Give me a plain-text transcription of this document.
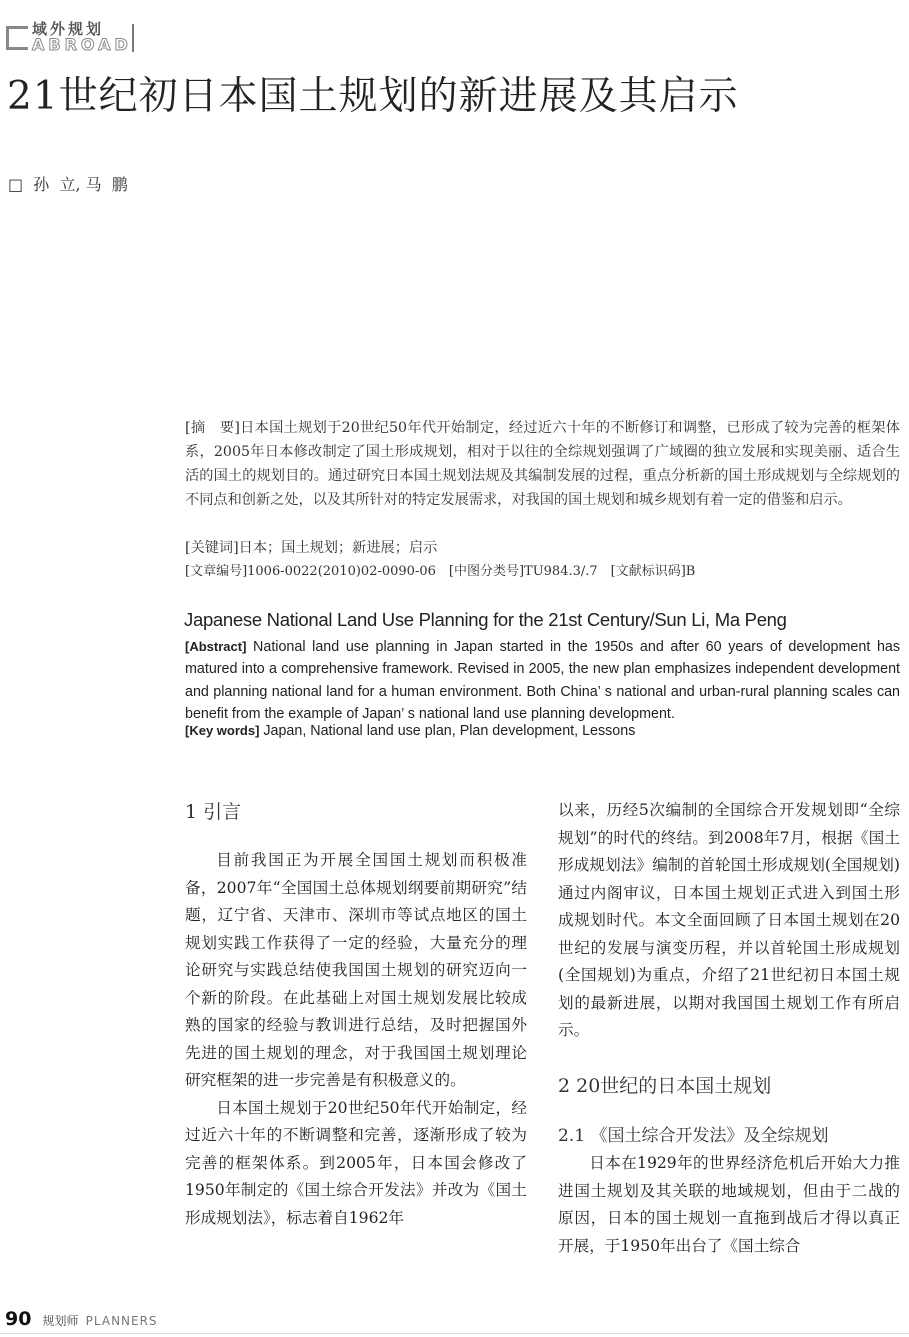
域外规划
ABROAD
21世纪初日本国土规划的新进展及其启示
□  孙  立, 马  鹏
[摘　要]日本国土规划于20世纪50年代开始制定，经过近六十年的不断修订和调整，已形成了较为完善的框架体系，2005年日本修改制定了国土形成规划，相对于以往的全综规划强调了广域圈的独立发展和实现美丽、适合生活的国土的规划目的。通过研究日本国土规划法规及其编制发展的过程，重点分析新的国土形成规划与全综规划的不同点和创新之处，以及其所针对的特定发展需求，对我国的国土规划和城乡规划有着一定的借鉴和启示。
[关键词]日本；国土规划；新进展；启示
[文章编号]1006-0022(2010)02-0090-06　[中图分类号]TU984.3/.7　[文献标识码]B
Japanese National Land Use Planning for the 21st Century/Sun Li, Ma Peng
[Abstract] National land use planning in Japan started in the 1950s and after 60 years of development has matured into a comprehensive framework. Revised in 2005, the new plan emphasizes independent development and planning national land for a human environment. Both China’ s national and urban-rural planning scales can benefit from the example of Japan’ s national land use planning development.
[Key words] Japan, National land use plan, Plan development, Lessons
1 引言

目前我国正为开展全国国土规划而积极准备，2007年“全国国土总体规划纲要前期研究”结题，辽宁省、天津市、深圳市等试点地区的国土规划实践工作获得了一定的经验，大量充分的理论研究与实践总结使我国国土规划的研究迈向一个新的阶段。在此基础上对国土规划发展比较成熟的国家的经验与教训进行总结，及时把握国外先进的国土规划的理念，对于我国国土规划理论研究框架的进一步完善是有积极意义的。

日本国土规划于20世纪50年代开始制定，经过近六十年的不断调整和完善，逐渐形成了较为完善的框架体系。到2005年，日本国会修改了1950年制定的《国土综合开发法》并改为《国土形成规划法》，标志着自1962年

以来，历经5次编制的全国综合开发规划即“全综规划”的时代的终结。到2008年7月，根据《国土形成规划法》编制的首轮国土形成规划(全国规划)通过内阁审议，日本国土规划正式进入到国土形成规划时代。本文全面回顾了日本国土规划在20世纪的发展与演变历程，并以首轮国土形成规划(全国规划)为重点，介绍了21世纪初日本国土规划的最新进展，以期对我国国土规划工作有所启示。

2 20世纪的日本国土规划
2.1 《国土综合开发法》及全综规划

日本在1929年的世界经济危机后开始大力推进国土规划及其关联的地域规划，但由于二战的原因，日本的国土规划一直拖到战后才得以真正开展，于1950年出台了《国土综合

90 规划师 PLANNERS
